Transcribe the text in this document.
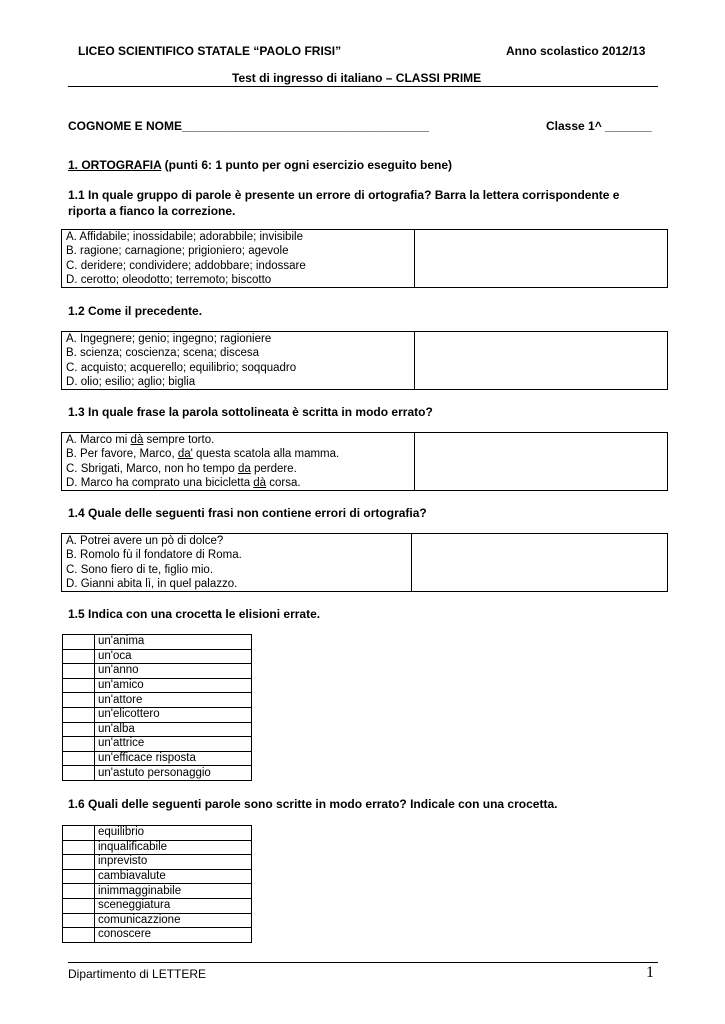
LICEO SCIENTIFICO STATALE “PAOLO FRISI”	Anno scolastico 2012/13
Test di ingresso di italiano – CLASSI PRIME
COGNOME E NOME_____________________________________	Classe 1^ _______
1. ORTOGRAFIA (punti 6: 1 punto per ogni esercizio eseguito bene)
1.1 In quale gruppo di parole è presente un errore di ortografia? Barra la lettera corrispondente e
riporta a fianco la correzione.
A. Affidabile; inossidabile; adorabbile; invisibile
B. ragione; carnagione; prigioniero; agevole
C. deridere; condividere; addobbare; indossare
D. cerotto; oleodotto; terremoto; biscotto
1.2 Come il precedente.
A. Ingegnere; genio; ingegno; ragioniere
B. scienza; coscienza; scena; discesa
C. acquisto; acquerello; equilibrio; soqquadro
D. olio; esilio; aglio; biglia
1.3 In quale frase la parola sottolineata è scritta in modo errato?
A. Marco mi dà sempre torto.
B. Per favore, Marco, da' questa scatola alla mamma.
C. Sbrigati, Marco, non ho tempo da perdere.
D. Marco ha comprato una bicicletta dà corsa.
1.4 Quale delle seguenti frasi non contiene errori di ortografia?
A. Potrei avere un pò di dolce?
B. Romolo fù il fondatore di Roma.
C. Sono fiero di te, figlio mio.
D. Gianni abita lì, in quel palazzo.
1.5 Indica con una crocetta le elisioni errate.
	un'anima
	un'oca
	un'anno
	un'amico
	un'attore
	un'elicottero
	un'alba
	un'attrice
	un'efficace risposta
	un'astuto personaggio
1.6 Quali delle seguenti parole sono scritte in modo errato? Indicale con una crocetta.
	equilibrio
	inqualificabile
	inprevisto
	cambiavalute
	inimmagginabile
	sceneggiatura
	comunicazzione
	conoscere
Dipartimento di LETTERE	1
